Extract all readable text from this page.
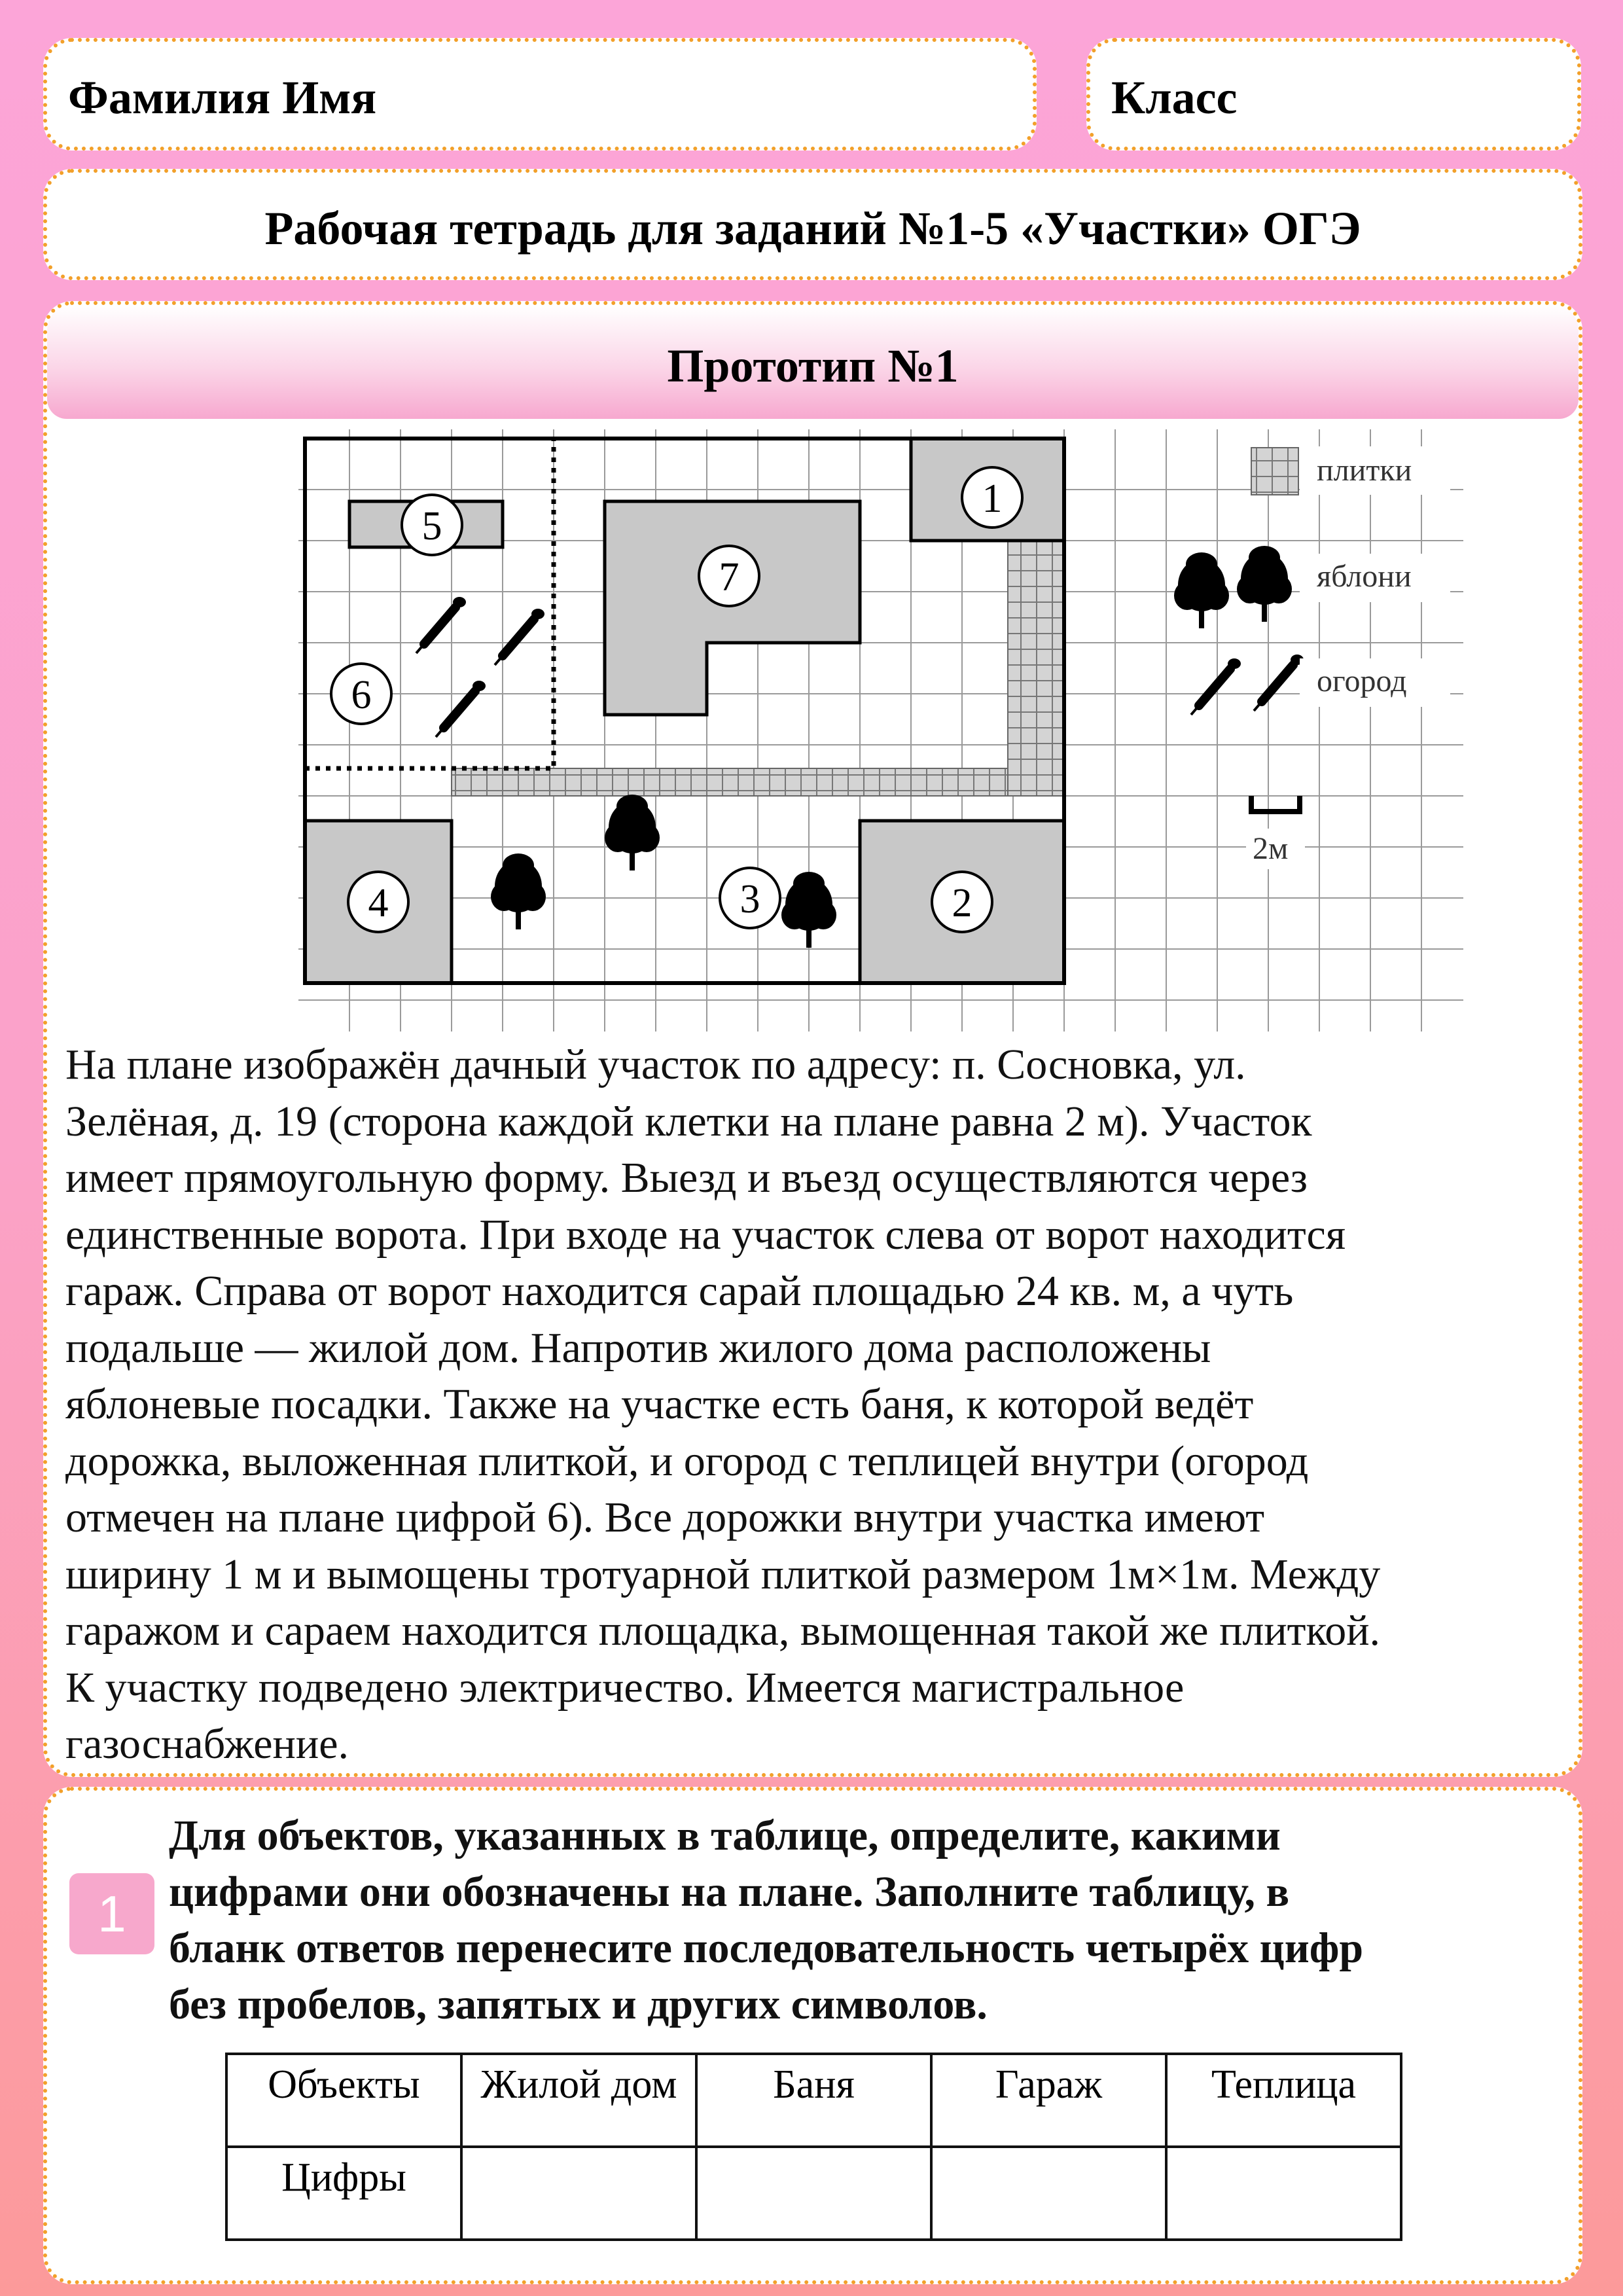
Фамилия Имя	Класс
Рабочая тетрадь для заданий №1-5 «Участки» ОГЭ
Прототип №1
1
2
3
4
5
6
7
плитки
яблони
огород
2м
На плане изображён дачный участок по адресу: п. Сосновка, ул.
Зелёная, д. 19 (сторона каждой клетки на плане равна 2 м). Участок
имеет прямоугольную форму. Выезд и въезд осуществляются через
единственные ворота. При входе на участок слева от ворот находится
гараж. Справа от ворот находится сарай площадью 24 кв. м, а чуть
подальше — жилой дом. Напротив жилого дома расположены
яблоневые посадки. Также на участке есть баня, к которой ведёт
дорожка, выложенная плиткой, и огород с теплицей внутри (огород
отмечен на плане цифрой 6). Все дорожки внутри участка имеют
ширину 1 м и вымощены тротуарной плиткой размером 1м×1м. Между
гаражом и сараем находится площадка, вымощенная такой же плиткой.
К участку подведено электричество. Имеется магистральное
газоснабжение.
1
Для объектов, указанных в таблице, определите, какими
цифрами они обозначены на плане. Заполните таблицу, в
бланк ответов перенесите последовательность четырёх цифр
без пробелов, запятых и других символов.
Объекты	Жилой дом	Баня	Гараж	Теплица
Цифры				
